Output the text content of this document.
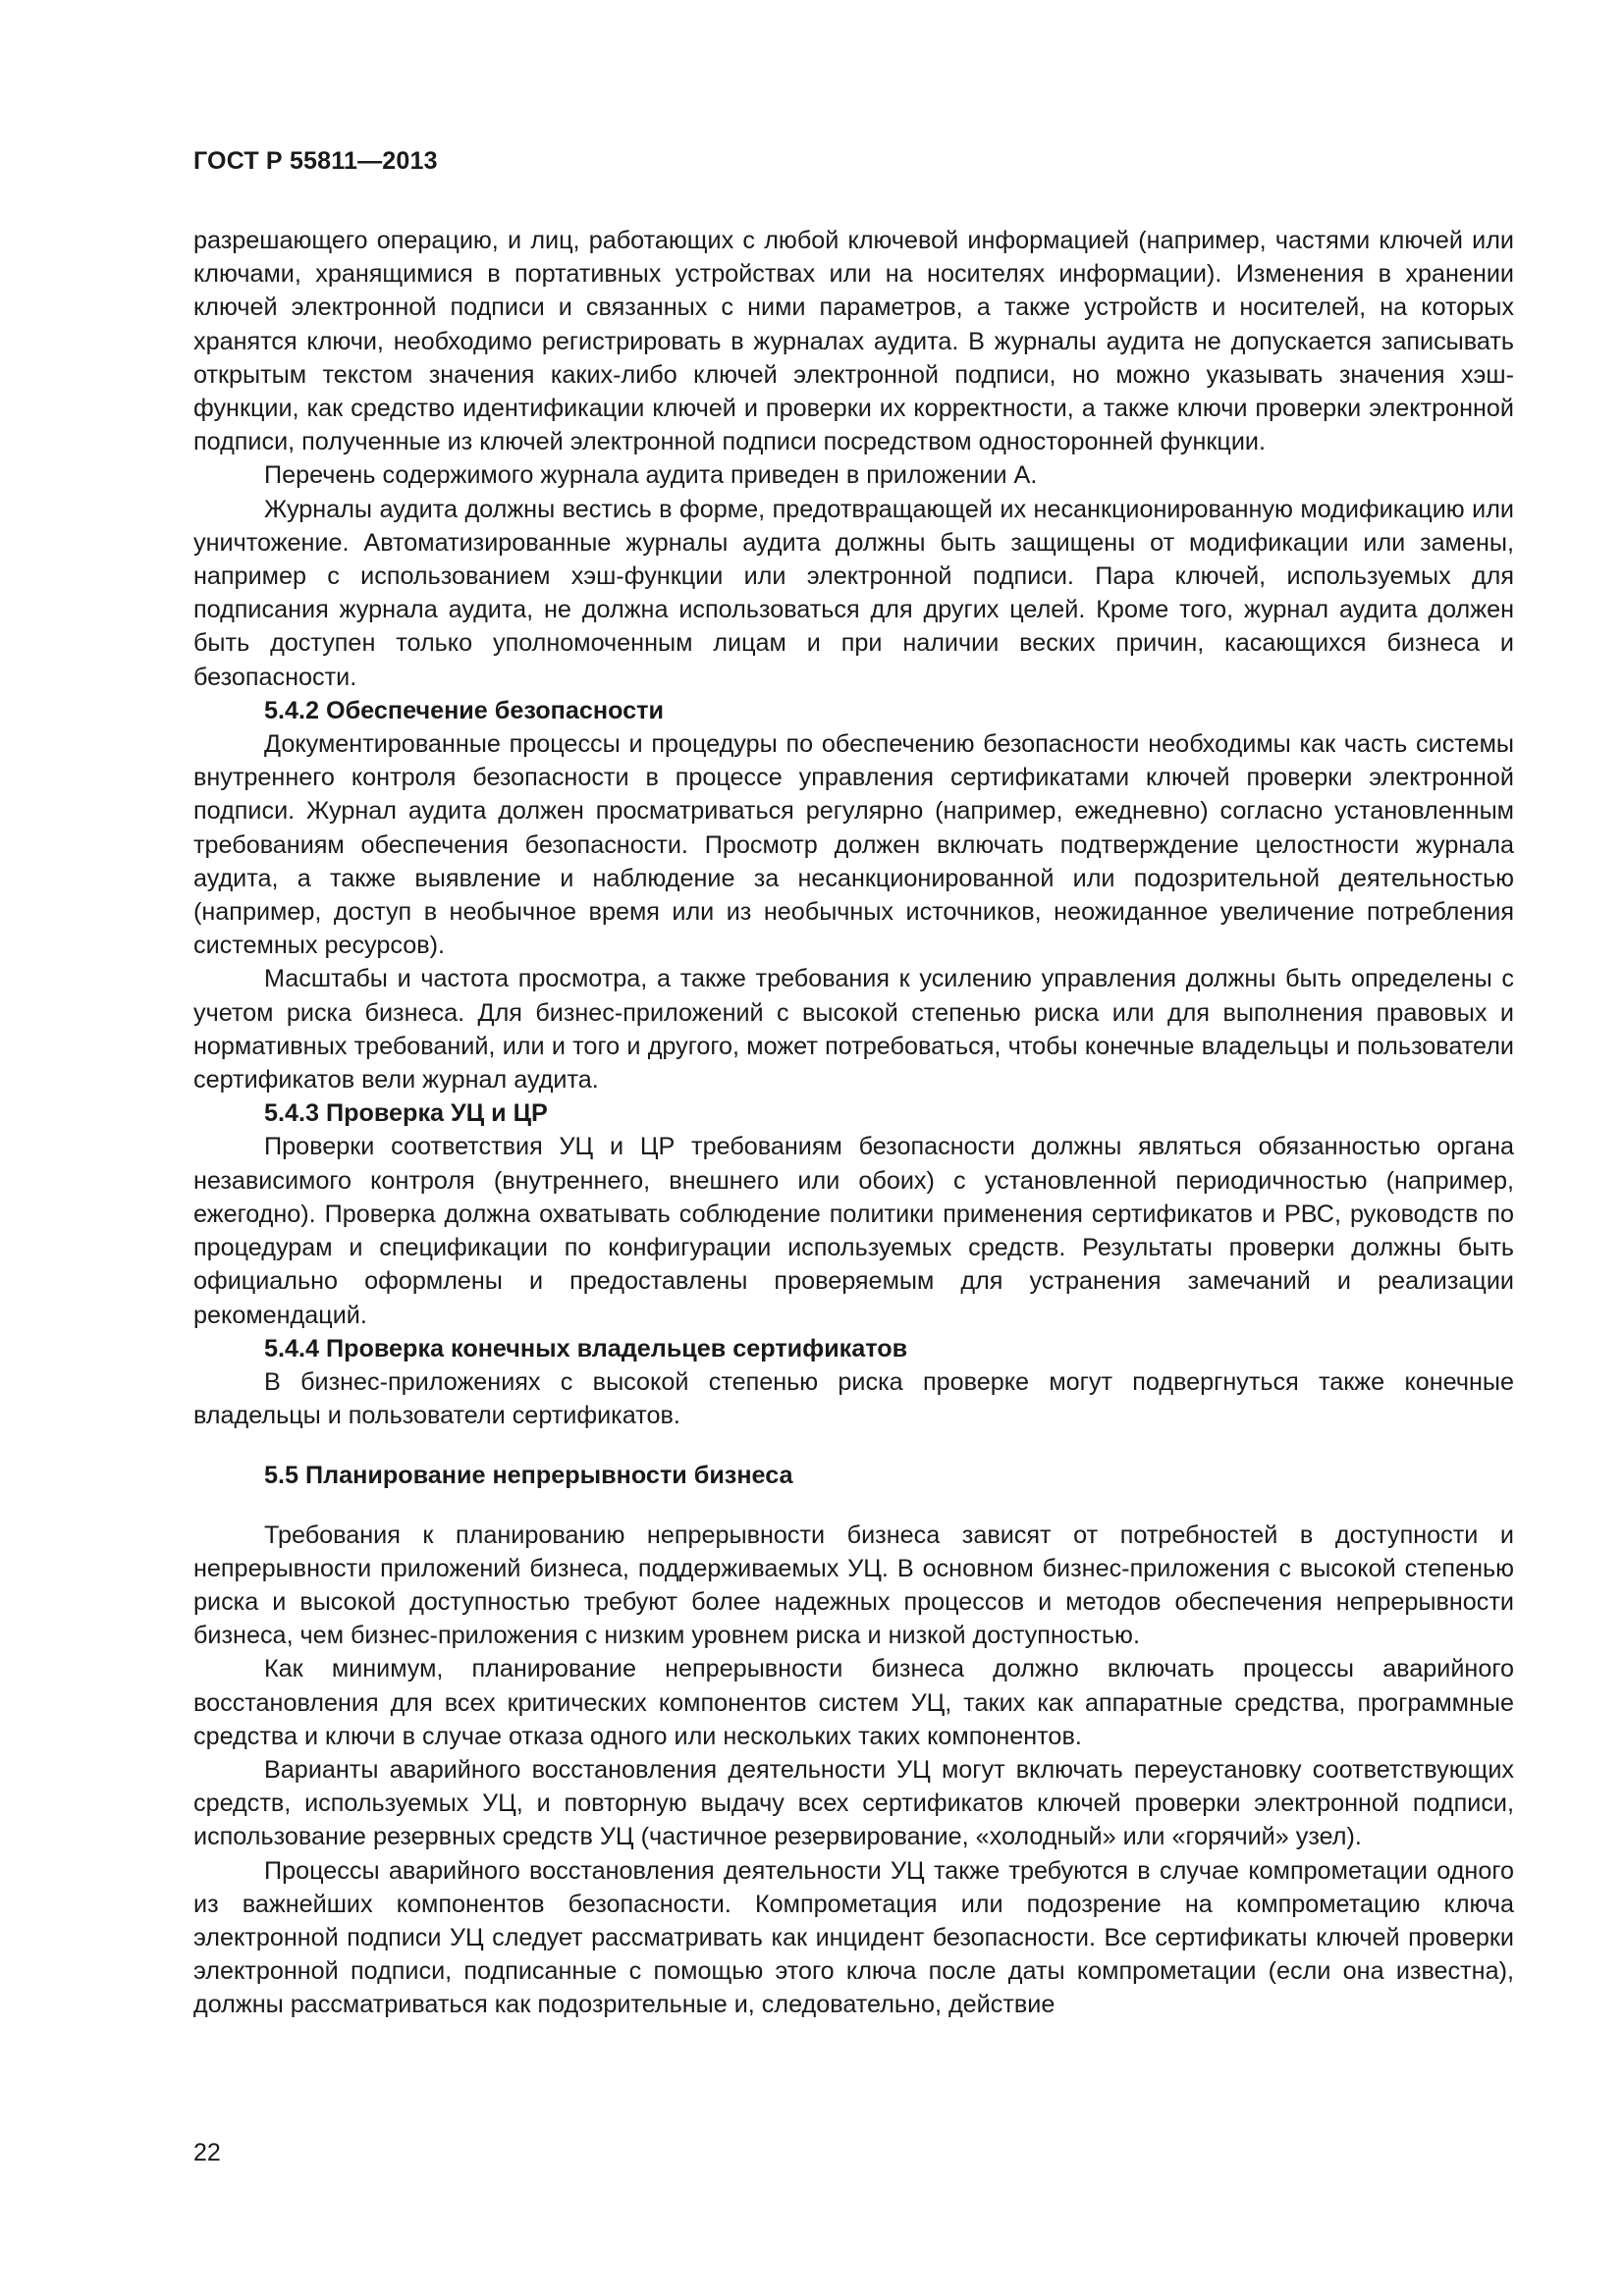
ГОСТ Р 55811—2013

разрешающего операцию, и лиц, работающих с любой ключевой информацией (например, частями ключей или ключами, хранящимися в портативных устройствах или на носителях информации). Изменения в хранении ключей электронной подписи и связанных с ними параметров, а также устройств и носителей, на которых хранятся ключи, необходимо регистрировать в журналах аудита. В журналы аудита не допускается записывать открытым текстом значения каких-либо ключей электронной подписи, но можно указывать значения хэш-функции, как средство идентификации ключей и проверки их корректности, а также ключи проверки электронной подписи, полученные из ключей электронной подписи посредством односторонней функции.

Перечень содержимого журнала аудита приведен в приложении А.

Журналы аудита должны вестись в форме, предотвращающей их несанкционированную модификацию или уничтожение. Автоматизированные журналы аудита должны быть защищены от модификации или замены, например с использованием хэш-функции или электронной подписи. Пара ключей, используемых для подписания журнала аудита, не должна использоваться для других целей. Кроме того, журнал аудита должен быть доступен только уполномоченным лицам и при наличии веских причин, касающихся бизнеса и безопасности.

5.4.2 Обеспечение безопасности

Документированные процессы и процедуры по обеспечению безопасности необходимы как часть системы внутреннего контроля безопасности в процессе управления сертификатами ключей проверки электронной подписи. Журнал аудита должен просматриваться регулярно (например, ежедневно) согласно установленным требованиям обеспечения безопасности. Просмотр должен включать подтверждение целостности журнала аудита, а также выявление и наблюдение за несанкционированной или подозрительной деятельностью (например, доступ в необычное время или из необычных источников, неожиданное увеличение потребления системных ресурсов).

Масштабы и частота просмотра, а также требования к усилению управления должны быть определены с учетом риска бизнеса. Для бизнес-приложений с высокой степенью риска или для выполнения правовых и нормативных требований, или и того и другого, может потребоваться, чтобы конечные владельцы и пользователи сертификатов вели журнал аудита.

5.4.3 Проверка УЦ и ЦР

Проверки соответствия УЦ и ЦР требованиям безопасности должны являться обязанностью органа независимого контроля (внутреннего, внешнего или обоих) с установленной периодичностью (например, ежегодно). Проверка должна охватывать соблюдение политики применения сертификатов и РВС, руководств по процедурам и спецификации по конфигурации используемых средств. Результаты проверки должны быть официально оформлены и предоставлены проверяемым для устранения замечаний и реализации рекомендаций.

5.4.4 Проверка конечных владельцев сертификатов

В бизнес-приложениях с высокой степенью риска проверке могут подвергнуться также конечные владельцы и пользователи сертификатов.

5.5 Планирование непрерывности бизнеса

Требования к планированию непрерывности бизнеса зависят от потребностей в доступности и непрерывности приложений бизнеса, поддерживаемых УЦ. В основном бизнес-приложения с высокой степенью риска и высокой доступностью требуют более надежных процессов и методов обеспечения непрерывности бизнеса, чем бизнес-приложения с низким уровнем риска и низкой доступностью.

Как минимум, планирование непрерывности бизнеса должно включать процессы аварийного восстановления для всех критических компонентов систем УЦ, таких как аппаратные средства, программные средства и ключи в случае отказа одного или нескольких таких компонентов.

Варианты аварийного восстановления деятельности УЦ могут включать переустановку соответствующих средств, используемых УЦ, и повторную выдачу всех сертификатов ключей проверки электронной подписи, использование резервных средств УЦ (частичное резервирование, «холодный» или «горячий» узел).

Процессы аварийного восстановления деятельности УЦ также требуются в случае компрометации одного из важнейших компонентов безопасности. Компрометация или подозрение на компрометацию ключа электронной подписи УЦ следует рассматривать как инцидент безопасности. Все сертификаты ключей проверки электронной подписи, подписанные с помощью этого ключа после даты компрометации (если она известна), должны рассматриваться как подозрительные и, следовательно, действие

22
